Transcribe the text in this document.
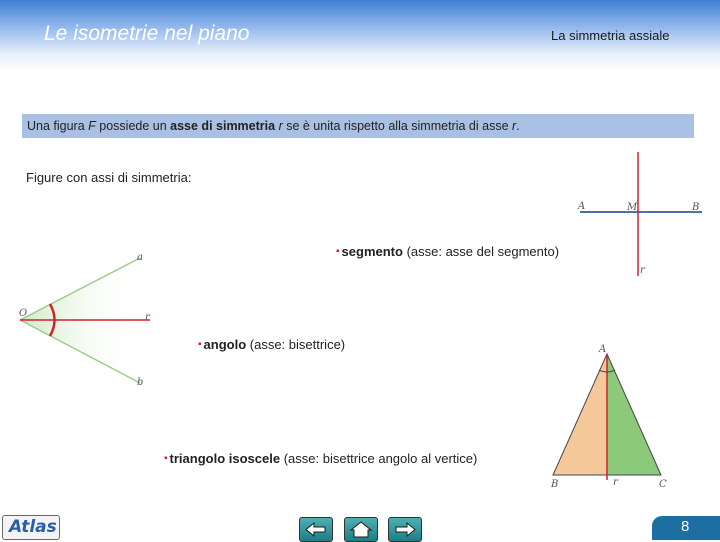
Le isometrie nel piano	La simmetria assiale
Una figura F possiede un asse di simmetria r se è unita rispetto alla simmetria di asse r.
Figure con assi di simmetria:
A	M	B
r
O
a
r
b
A
B	r	C
▪ segmento (asse: asse del segmento)
▪ angolo (asse: bisettrice)
▪ triangolo isoscele (asse: bisettrice angolo al vertice)
Atlas	8
